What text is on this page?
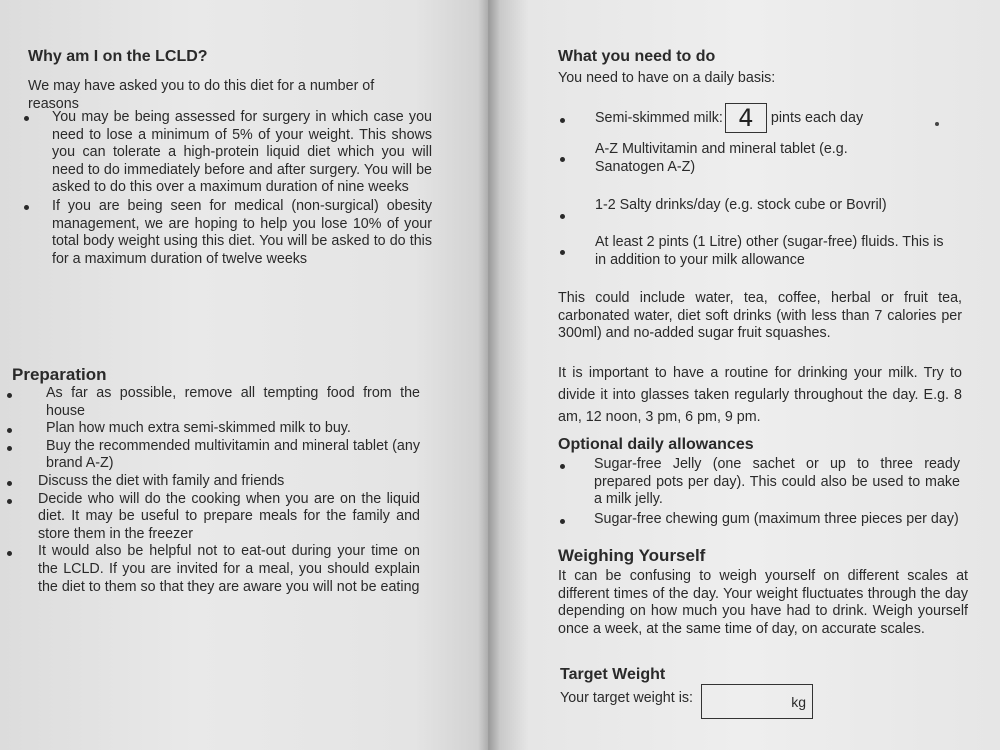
Why am I on the LCLD?

We may have asked you to do this diet for a number of reasons

You may be being assessed for surgery in which case you need to lose a minimum of 5% of your weight. This shows you can tolerate a high-protein liquid diet which you will need to do immediately before and after surgery. You will be asked to do this over a maximum duration of nine weeks
If you are being seen for medical (non-surgical) obesity management, we are hoping to help you lose 10% of your total body weight using this diet. You will be asked to do this for a maximum duration of twelve weeks
Preparation
As far as possible, remove all tempting food from the house
Plan how much extra semi-skimmed milk to buy.
Buy the recommended multivitamin and mineral tablet (any brand A-Z)
Discuss the diet with family and friends
Decide who will do the cooking when you are on the liquid diet. It may be useful to prepare meals for the family and store them in the freezer
It would also be helpful not to eat-out during your time on the LCLD. If you are invited for a meal, you should explain the diet to them so that they are aware you will not be eating
What you need to do

You need to have on a daily basis:

Semi-skimmed milk: 4	pints each day

A-Z Multivitamin and mineral tablet (e.g. Sanatogen A-Z)

1-2 Salty drinks/day (e.g. stock cube or Bovril)

At least 2 pints (1 Litre) other (sugar-free) fluids. This is in addition to your milk allowance

This could include water, tea, coffee, herbal or fruit tea, carbonated water, diet soft drinks (with less than 7 calories per 300ml) and no-added sugar fruit squashes.

It is important to have a routine for drinking your milk. Try to divide it into glasses taken regularly throughout the day. E.g. 8 am, 12 noon, 3 pm, 6 pm, 9 pm.

Optional daily allowances
Sugar-free Jelly (one sachet or up to three ready prepared pots per day). This could also be used to make a milk jelly.
Sugar-free chewing gum (maximum three pieces per day)
Weighing Yourself

It can be confusing to weigh yourself on different scales at different times of the day. Your weight fluctuates through the day depending on how much you have had to drink. Weigh yourself once a week, at the same time of day, on accurate scales.

Target Weight
Your target weight is:	kg
